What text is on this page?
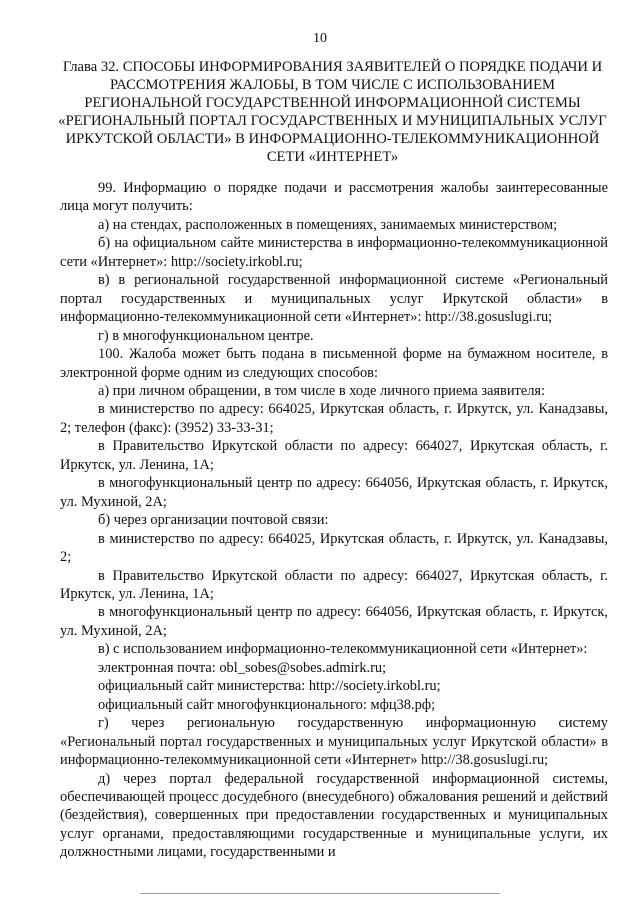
10
Глава 32. СПОСОБЫ ИНФОРМИРОВАНИЯ ЗАЯВИТЕЛЕЙ О ПОРЯДКЕ ПОДАЧИ И РАССМОТРЕНИЯ ЖАЛОБЫ, В ТОМ ЧИСЛЕ С ИСПОЛЬЗОВАНИЕМ РЕГИОНАЛЬНОЙ ГОСУДАРСТВЕННОЙ ИНФОРМАЦИОННОЙ СИСТЕМЫ «РЕГИОНАЛЬНЫЙ ПОРТАЛ ГОСУДАРСТВЕННЫХ И МУНИЦИПАЛЬНЫХ УСЛУГ ИРКУТСКОЙ ОБЛАСТИ» В ИНФОРМАЦИОННО-ТЕЛЕКОММУНИКАЦИОННОЙ СЕТИ «ИНТЕРНЕТ»

99. Информацию о порядке подачи и рассмотрения жалобы заинтересованные лица могут получить:

а) на стендах, расположенных в помещениях, занимаемых министерством;

б) на официальном сайте министерства в информационно-телекоммуникационной сети «Интернет»: http://society.irkobl.ru;

в) в региональной государственной информационной системе «Региональный портал государственных и муниципальных услуг Иркутской области» в информационно-телекоммуникационной сети «Интернет»: http://38.gosuslugi.ru;

г) в многофункциональном центре.

100. Жалоба может быть подана в письменной форме на бумажном носителе, в электронной форме одним из следующих способов:

а) при личном обращении, в том числе в ходе личного приема заявителя:

в министерство по адресу: 664025, Иркутская область, г. Иркутск, ул. Канадзавы, 2; телефон (факс): (3952) 33-33-31;

в Правительство Иркутской области по адресу: 664027, Иркутская область, г. Иркутск, ул. Ленина, 1А;

в многофункциональный центр по адресу: 664056, Иркутская область, г. Иркутск, ул. Мухиной, 2А;

б) через организации почтовой связи:

в министерство по адресу: 664025, Иркутская область, г. Иркутск, ул. Канадзавы, 2;

в Правительство Иркутской области по адресу: 664027, Иркутская область, г. Иркутск, ул. Ленина, 1А;

в многофункциональный центр по адресу: 664056, Иркутская область, г. Иркутск, ул. Мухиной, 2А;

в) с использованием информационно-телекоммуникационной сети «Интернет»:

электронная почта: obl_sobes@sobes.admirk.ru;

официальный сайт министерства: http://society.irkobl.ru;

официальный сайт многофункционального: мфц38.рф;

г) через региональную государственную информационную систему «Региональный портал государственных и муниципальных услуг Иркутской области» в информационно-телекоммуникационной сети «Интернет» http://38.gosuslugi.ru;

д) через портал федеральной государственной информационной системы, обеспечивающей процесс досудебного (внесудебного) обжалования решений и действий (бездействия), совершенных при предоставлении государственных и муниципальных услуг органами, предоставляющими государственные и муниципальные услуги, их должностными лицами, государственными и
